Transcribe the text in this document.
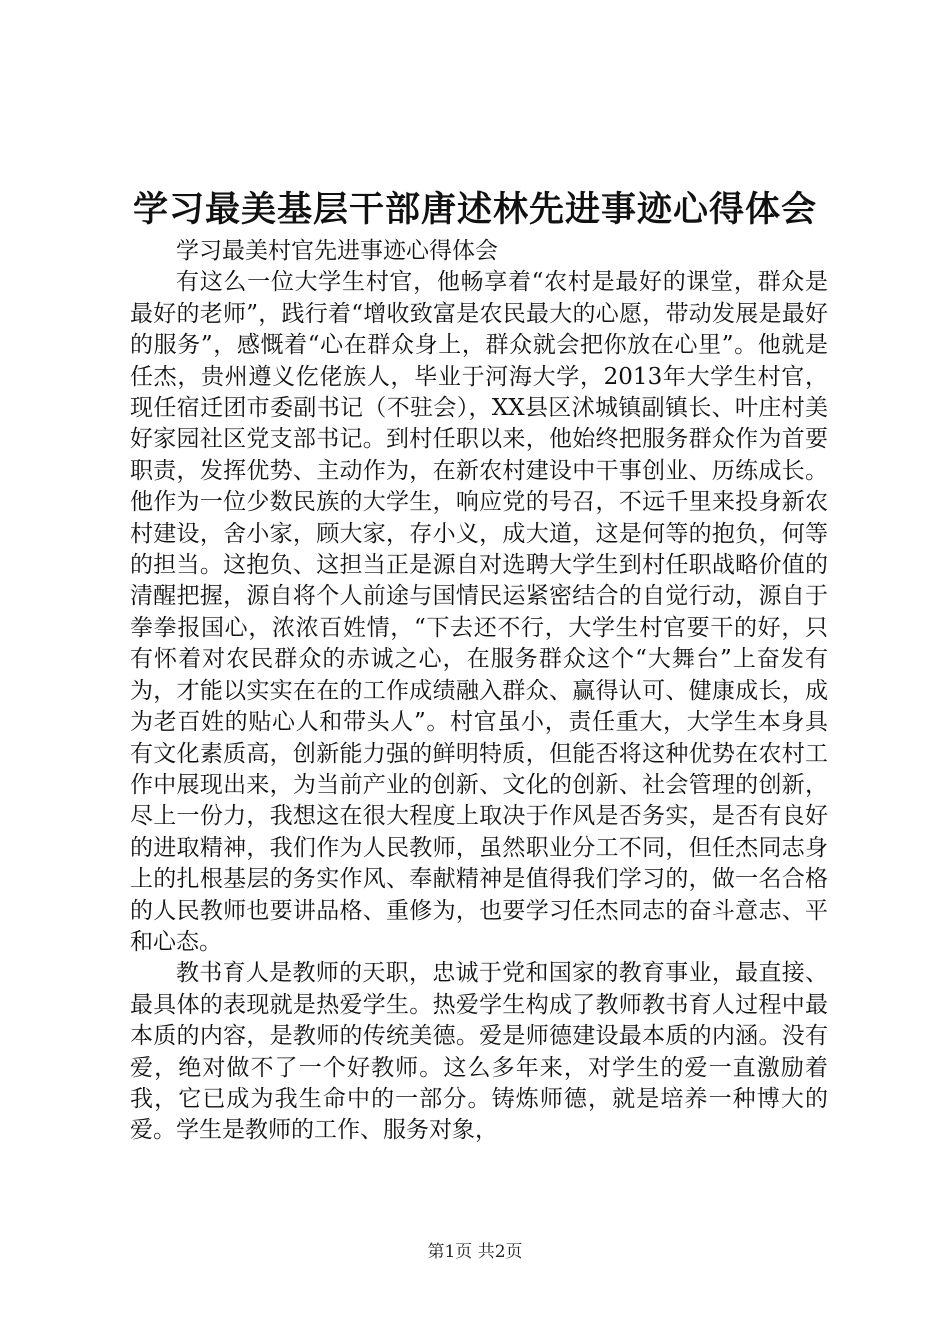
学习最美基层干部唐述林先进事迹心得体会

学习最美村官先进事迹心得体会

有这么一位大学生村官，他畅享着“农村是最好的课堂，群众是最好的老师”，践行着“增收致富是农民最大的心愿，带动发展是最好的服务”，感慨着“心在群众身上，群众就会把你放在心里”。他就是任杰，贵州遵义仡佬族人，毕业于河海大学，2013年大学生村官，现任宿迁团市委副书记（不驻会），XX县区沭城镇副镇长、叶庄村美好家园社区党支部书记。到村任职以来，他始终把服务群众作为首要职责，发挥优势、主动作为，在新农村建设中干事创业、历练成长。他作为一位少数民族的大学生，响应党的号召，不远千里来投身新农村建设，舍小家，顾大家，存小义，成大道，这是何等的抱负，何等的担当。这抱负、这担当正是源自对选聘大学生到村任职战略价值的清醒把握，源自将个人前途与国情民运紧密结合的自觉行动，源自于拳拳报国心，浓浓百姓情，“下去还不行，大学生村官要干的好，只有怀着对农民群众的赤诚之心，在服务群众这个“大舞台”上奋发有为，才能以实实在在的工作成绩融入群众、赢得认可、健康成长，成为老百姓的贴心人和带头人”。村官虽小，责任重大，大学生本身具有文化素质高，创新能力强的鲜明特质，但能否将这种优势在农村工作中展现出来，为当前产业的创新、文化的创新、社会管理的创新，尽上一份力，我想这在很大程度上取决于作风是否务实，是否有良好的进取精神，我们作为人民教师，虽然职业分工不同，但任杰同志身上的扎根基层的务实作风、奉献精神是值得我们学习的，做一名合格的人民教师也要讲品格、重修为，也要学习任杰同志的奋斗意志、平和心态。

教书育人是教师的天职，忠诚于党和国家的教育事业，最直接、最具体的表现就是热爱学生。热爱学生构成了教师教书育人过程中最本质的内容，是教师的传统美德。爱是师德建设最本质的内涵。没有爱，绝对做不了一个好教师。这么多年来，对学生的爱一直激励着我，它已成为我生命中的一部分。铸炼师德，就是培养一种博大的爱。学生是教师的工作、服务对象，

第1页 共2页
